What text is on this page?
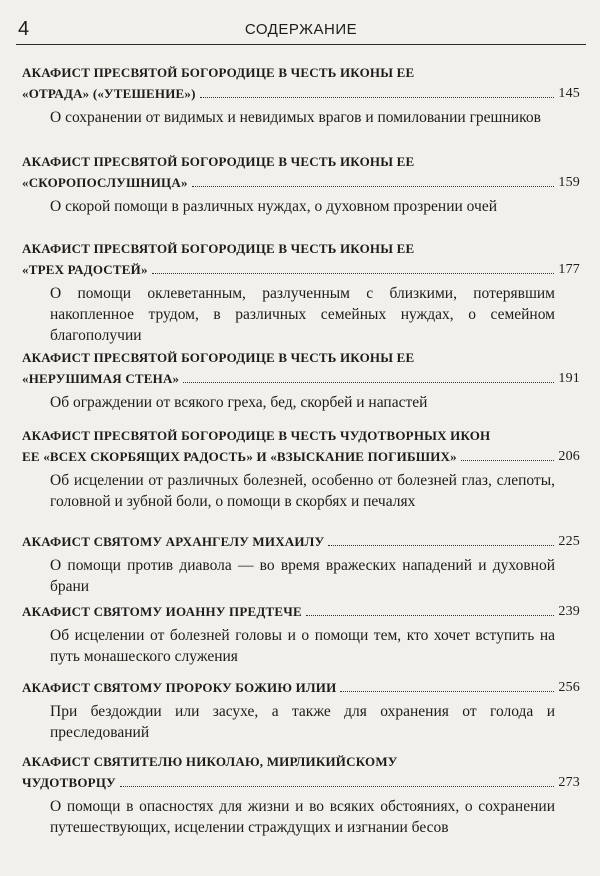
4	СОДЕРЖАНИЕ
АКАФИСТ ПРЕСВЯТОЙ БОГОРОДИЦЕ В ЧЕСТЬ ИКОНЫ ЕЕ
«ОТРАДА» («УТЕШЕНИЕ»)	145
О сохранении от видимых и невидимых врагов и помиловании грешников
АКАФИСТ ПРЕСВЯТОЙ БОГОРОДИЦЕ В ЧЕСТЬ ИКОНЫ ЕЕ
«СКОРОПОСЛУШНИЦА»	159
О скорой помощи в различных нуждах, о духовном прозрении очей
АКАФИСТ ПРЕСВЯТОЙ БОГОРОДИЦЕ В ЧЕСТЬ ИКОНЫ ЕЕ
«ТРЕХ РАДОСТЕЙ»	177
О помощи оклеветанным, разлученным с близкими, потерявшим накопленное трудом, в различных семейных нуждах, о семейном благополучии
АКАФИСТ ПРЕСВЯТОЙ БОГОРОДИЦЕ В ЧЕСТЬ ИКОНЫ ЕЕ
«НЕРУШИМАЯ СТЕНА»	191
Об ограждении от всякого греха, бед, скорбей и напастей
АКАФИСТ ПРЕСВЯТОЙ БОГОРОДИЦЕ В ЧЕСТЬ ЧУДОТВОРНЫХ ИКОН
ЕЕ «ВСЕХ СКОРБЯЩИХ РАДОСТЬ» И «ВЗЫСКАНИЕ ПОГИБШИХ»	206
Об исцелении от различных болезней, особенно от болезней глаз, слепоты, головной и зубной боли, о помощи в скорбях и печалях
АКАФИСТ СВЯТОМУ АРХАНГЕЛУ МИХАИЛУ	225
О помощи против диавола — во время вражеских нападений и духовной брани
АКАФИСТ СВЯТОМУ ИОАННУ ПРЕДТЕЧЕ	239
Об исцелении от болезней головы и о помощи тем, кто хочет вступить на путь монашеского служения
АКАФИСТ СВЯТОМУ ПРОРОКУ БОЖИЮ ИЛИИ	256
При бездождии или засухе, а также для охранения от голода и преследований
АКАФИСТ СВЯТИТЕЛЮ НИКОЛАЮ, МИРЛИКИЙСКОМУ
ЧУДОТВОРЦУ	273
О помощи в опасностях для жизни и во всяких обстояниях, о сохранении путешествующих, исцелении страждущих и изгнании бесов
